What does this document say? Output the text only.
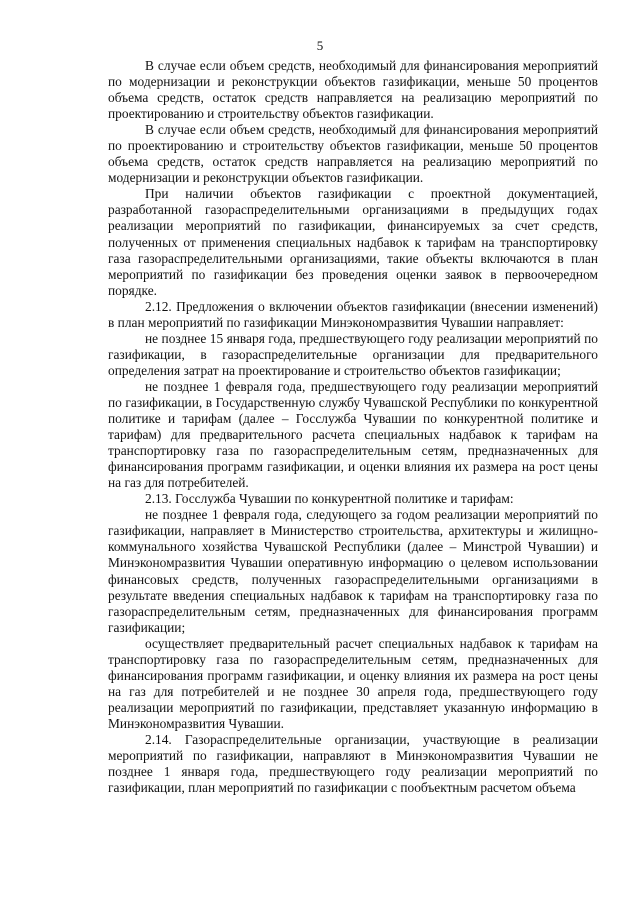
5

В случае если объем средств, необходимый для финансирования мероприятий по модернизации и реконструкции объектов газификации, меньше 50 процентов объема средств, остаток средств направляется на реализацию мероприятий по проектированию и строительству объектов газификации.

В случае если объем средств, необходимый для финансирования мероприятий по проектированию и строительству объектов газификации, меньше 50 процентов объема средств, остаток средств направляется на реализацию мероприятий по модернизации и реконструкции объектов газификации.

При наличии объектов газификации с проектной документацией, разработанной газораспределительными организациями в предыдущих годах реализации мероприятий по газификации, финансируемых за счет средств, полученных от применения специальных надбавок к тарифам на транспортировку газа газораспределительными организациями, такие объекты включаются в план мероприятий по газификации без проведения оценки заявок в первоочередном порядке.

2.12. Предложения о включении объектов газификации (внесении изменений) в план мероприятий по газификации Минэкономразвития Чувашии направляет:

не позднее 15 января года, предшествующего году реализации мероприятий по газификации, в газораспределительные организации для предварительного определения затрат на проектирование и строительство объектов газификации;

не позднее 1 февраля года, предшествующего году реализации мероприятий по газификации, в Государственную службу Чувашской Республики по конкурентной политике и тарифам (далее – Госслужба Чувашии по конкурентной политике и тарифам) для предварительного расчета специальных надбавок к тарифам на транспортировку газа по газораспределительным сетям, предназначенных для финансирования программ газификации, и оценки влияния их размера на рост цены на газ для потребителей.

2.13. Госслужба Чувашии по конкурентной политике и тарифам:

не позднее 1 февраля года, следующего за годом реализации мероприятий по газификации, направляет в Министерство строительства, архитектуры и жилищно-коммунального хозяйства Чувашской Республики (далее – Минстрой Чувашии) и Минэкономразвития Чувашии оперативную информацию о целевом использовании финансовых средств, полученных газораспределительными организациями в результате введения специальных надбавок к тарифам на транспортировку газа по газораспределительным сетям, предназначенных для финансирования программ газификации;

осуществляет предварительный расчет специальных надбавок к тарифам на транспортировку газа по газораспределительным сетям, предназначенных для финансирования программ газификации, и оценку влияния их размера на рост цены на газ для потребителей и не позднее 30 апреля года, предшествующего году реализации мероприятий по газификации, представляет указанную информацию в Минэкономразвития Чувашии.

2.14. Газораспределительные организации, участвующие в реализации мероприятий по газификации, направляют в Минэкономразвития Чувашии не позднее 1 января года, предшествующего году реализации мероприятий по газификации, план мероприятий по газификации с пообъектным расчетом объема
